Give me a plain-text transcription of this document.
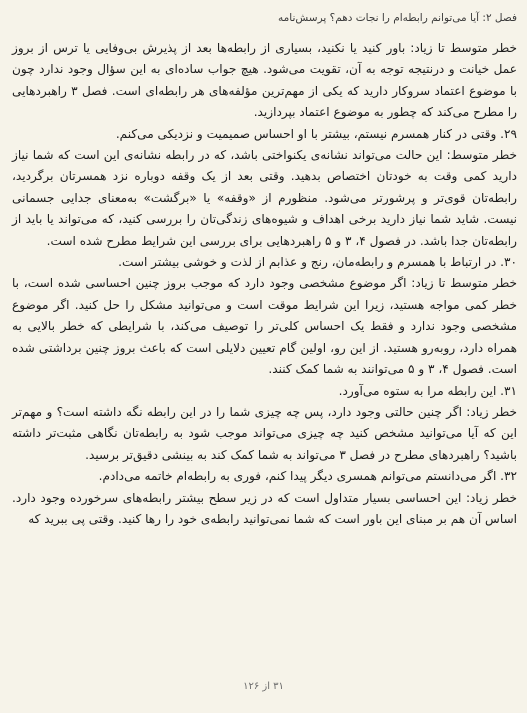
فصل ۲: آیا می‌توانم رابطه‌ام را نجات دهم؟ پرسش‌نامه

خطر متوسط تا زیاد: باور کنید یا نکنید، بسیاری از رابطه‌ها بعد از پذیرش بی‌وفایی یا ترس از بروز عمل خیانت و درنتیجه توجه به آن، تقویت می‌شود. هیچ جواب ساده‌ای به این سؤال وجود ندارد چون با موضوع اعتماد سروکار دارید که یکی از مهم‌ترین مؤلفه‌های هر رابطه‌ای است. فصل ۳ راهبردهایی را مطرح می‌کند که چطور به موضوع اعتماد بپردازید.

۲۹. وقتی در کنار همسرم نیستم، بیشتر با او احساس صمیمیت و نزدیکی می‌کنم.

خطر متوسط: این حالت می‌تواند نشانه‌ی یکنواختی باشد، که در رابطه نشانه‌ی این است که شما نیاز دارید کمی وقت به خودتان اختصاص بدهید. وقتی بعد از یک وقفه دوباره نزد همسرتان برگردید، رابطه‌تان قوی‌تر و پرشورتر می‌شود. منظورم از «وقفه» یا «برگشت» به‌معنای جدایی جسمانی نیست. شاید شما نیاز دارید برخی اهداف و شیوه‌های زندگی‌تان را بررسی کنید، که می‌تواند یا باید از رابطه‌تان جدا باشد. در فصول ۴، ۳ و ۵ راهبردهایی برای بررسی این شرایط مطرح شده است.

۳۰. در ارتباط با همسرم و رابطه‌مان، رنج و عذابم از لذت و خوشی بیشتر است.

خطر متوسط تا زیاد: اگر موضوع مشخصی وجود دارد که موجب بروز چنین احساسی شده است، با خطر کمی مواجه هستید، زیرا این شرایط موقت است و می‌توانید مشکل را حل کنید. اگر موضوع مشخصی وجود ندارد و فقط یک احساس کلی‌تر را توصیف می‌کند، با شرایطی که خطر بالایی به همراه دارد، روبه‌رو هستید. از این رو، اولین گام تعیین دلایلی است که باعث بروز چنین برداشتی شده است. فصول ۴، ۳ و ۵ می‌توانند به شما کمک کنند.

۳۱. این رابطه مرا به ستوه می‌آورد.

خطر زیاد: اگر چنین حالتی وجود دارد، پس چه چیزی شما را در این رابطه نگه داشته است؟ و مهم‌تر این که آیا می‌توانید مشخص کنید چه چیزی می‌تواند موجب شود به رابطه‌تان نگاهی مثبت‌تر داشته باشید؟ راهبردهای مطرح در فصل ۳ می‌تواند به شما کمک کند به بینشی دقیق‌تر برسید.

۳۲. اگر می‌دانستم می‌توانم همسری دیگر پیدا کنم، فوری به رابطه‌ام خاتمه می‌دادم.

خطر زیاد: این احساسی بسیار متداول است که در زیر سطح بیشتر رابطه‌های سرخورده وجود دارد. اساس آن هم بر مبنای این باور است که شما نمی‌توانید رابطه‌ی خود را رها کنید. وقتی پی ببرید که

۳۱ از ۱۲۶
